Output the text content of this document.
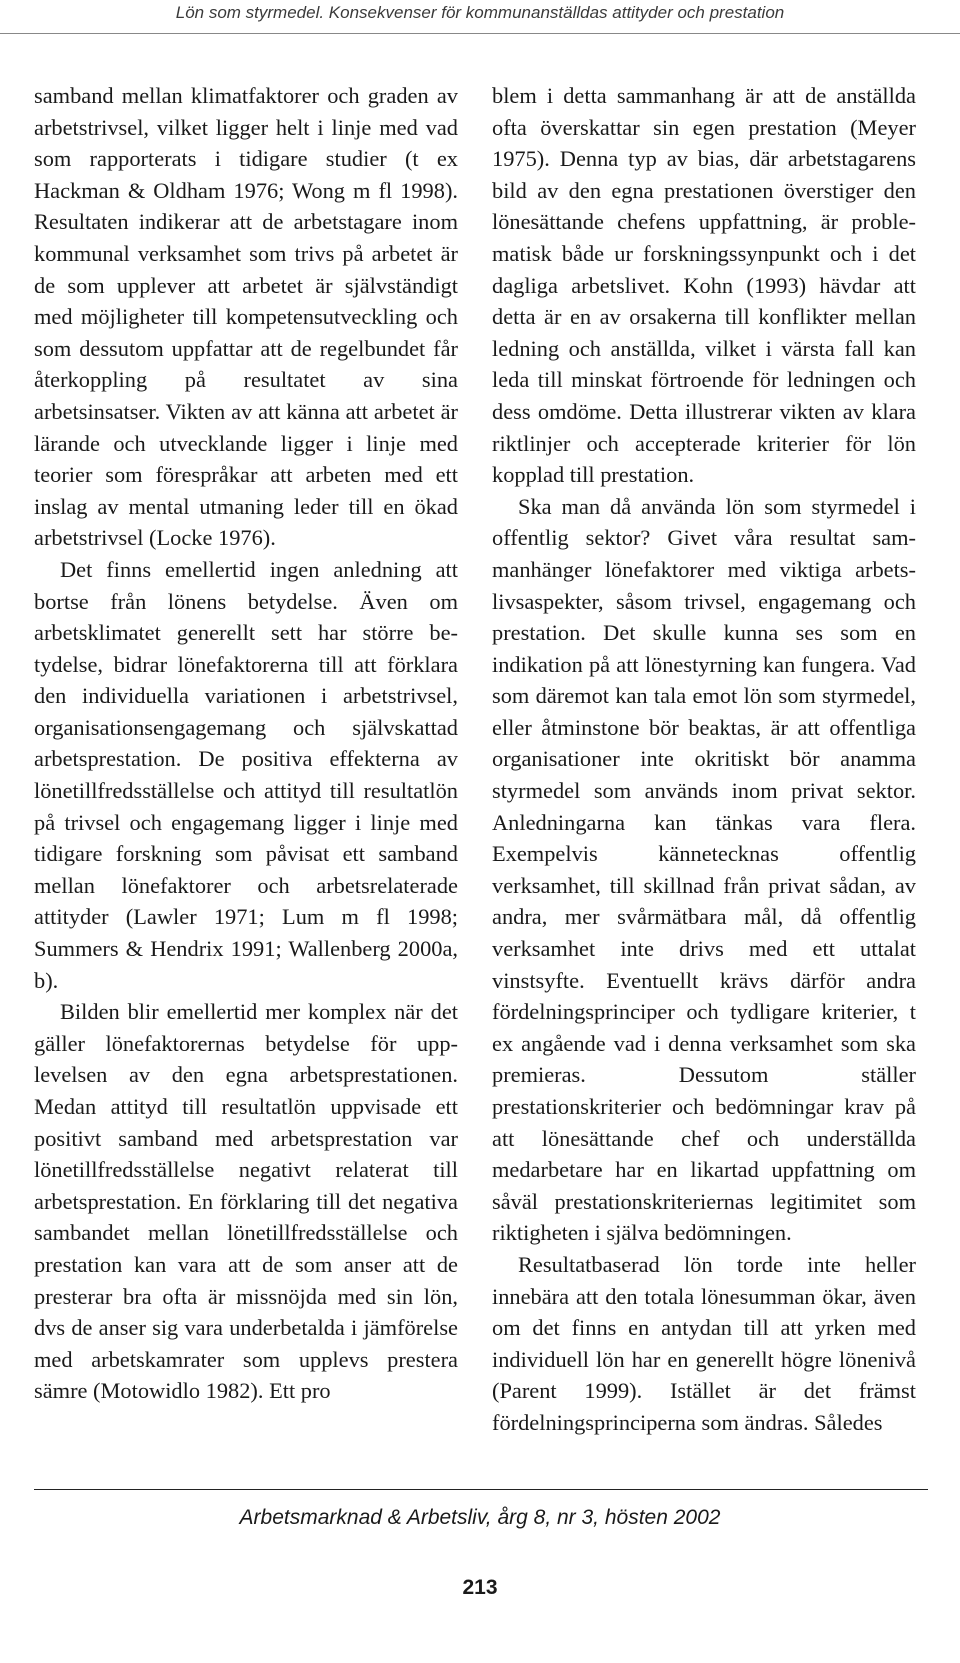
Lön som styrmedel. Konsekvenser för kommunanställdas attityder och prestation

samband mellan klimatfaktorer och graden av arbetstrivsel, vilket ligger helt i linje med vad som rapporterats i tidigare studier (t ex Hackman & Oldham 1976; Wong m fl 1998). Resultaten indikerar att de arbetstagare inom kommunal verksamhet som trivs på arbetet är de som upplever att arbetet är självständigt med möjligheter till kompetensutveckling och som dessutom uppfattar att de regelbundet får återkoppling på resultatet av sina arbetsinsatser. Vikten av att känna att arbetet är lärande och utvecklande ligger i linje med teorier som förespråkar att arbeten med ett inslag av mental utmaning leder till en ökad arbetstrivsel (Locke 1976).

Det finns emellertid ingen anledning att bortse från lönens betydelse. Även om arbetsklimatet generellt sett har större betydelse, bidrar lönefaktorerna till att förklara den individuella variationen i arbetstrivsel, organisationsengagemang och självskattad arbetsprestation. De positiva effekterna av lönetillfredsställelse och attityd till resultatlön på trivsel och engagemang ligger i linje med tidigare forskning som påvisat ett samband mellan lönefaktorer och arbetsrelaterade attityder (Lawler 1971; Lum m fl 1998; Summers & Hendrix 1991; Wallenberg 2000a, b).

Bilden blir emellertid mer komplex när det gäller lönefaktorernas betydelse för upplevelsen av den egna arbetsprestationen. Medan attityd till resultatlön uppvisade ett positivt samband med arbetsprestation var lönetillfredsställelse negativt relaterat till arbetsprestation. En förklaring till det negativa sambandet mellan lönetillfredsställelse och prestation kan vara att de som anser att de presterar bra ofta är missnöjda med sin lön, dvs de anser sig vara underbetalda i jämförelse med arbetskamrater som upplevs prestera sämre (Motowidlo 1982). Ett pro

blem i detta sammanhang är att de anställda ofta överskattar sin egen prestation (Meyer 1975). Denna typ av bias, där arbetstagarens bild av den egna prestationen överstiger den lönesättande chefens uppfattning, är problematisk både ur forskningssynpunkt och i det dagliga arbetslivet. Kohn (1993) hävdar att detta är en av orsakerna till konflikter mellan ledning och anställda, vilket i värsta fall kan leda till minskat förtroende för ledningen och dess omdöme. Detta illustrerar vikten av klara riktlinjer och accepterade kriterier för lön kopplad till prestation.

Ska man då använda lön som styrmedel i offentlig sektor? Givet våra resultat sammanhänger lönefaktorer med viktiga arbetslivsaspekter, såsom trivsel, engagemang och prestation. Det skulle kunna ses som en indikation på att lönestyrning kan fungera. Vad som däremot kan tala emot lön som styrmedel, eller åtminstone bör beaktas, är att offentliga organisationer inte okritiskt bör anamma styrmedel som används inom privat sektor. Anledningarna kan tänkas vara flera. Exempelvis kännetecknas offentlig verksamhet, till skillnad från privat sådan, av andra, mer svårmätbara mål, då offentlig verksamhet inte drivs med ett uttalat vinstsyfte. Eventuellt krävs därför andra fördelningsprinciper och tydligare kriterier, t ex angående vad i denna verksamhet som ska premieras. Dessutom ställer prestationskriterier och bedömningar krav på att lönesättande chef och underställda medarbetare har en likartad uppfattning om såväl prestationskriteriernas legitimitet som riktigheten i själva bedömningen.

Resultatbaserad lön torde inte heller innebära att den totala lönesumman ökar, även om det finns en antydan till att yrken med individuell lön har en generellt högre lönenivå (Parent 1999). Istället är det främst fördelningsprinciperna som ändras. Således

Arbetsmarknad & Arbetsliv, årg 8, nr 3, hösten 2002
213
